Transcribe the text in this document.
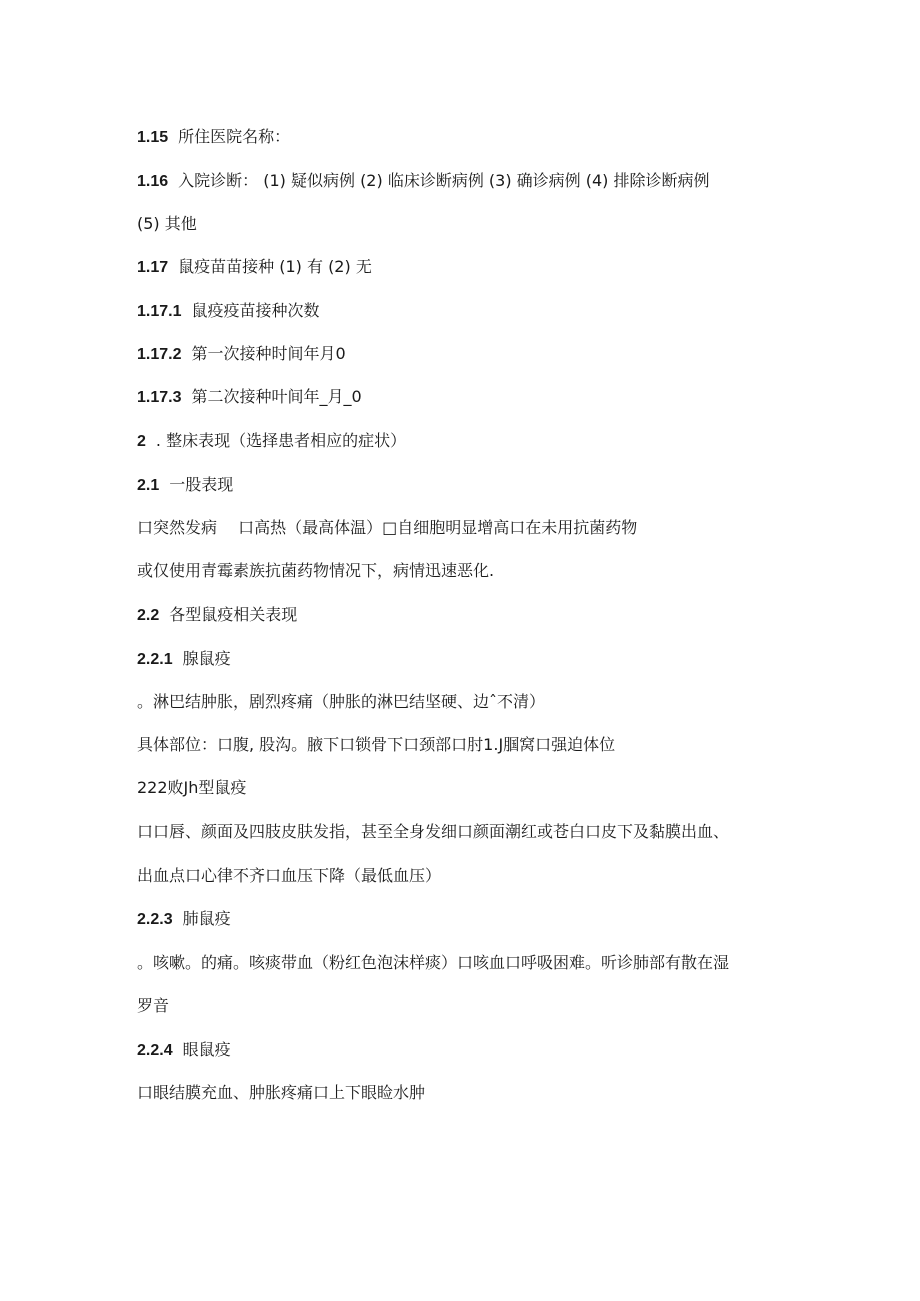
1.15 所住医院名称：
1.16 入院诊断： (1) 疑似病例 (2) 临床诊断病例 (3) 确诊病例 (4) 排除诊断病例
(5) 其他
1.17 鼠疫苗苗接种 (1) 有 (2) 无
1.17.1 鼠疫疫苗接种次数
1.17.2 第一次接种时间年月0
1.17.3 第二次接种叶间年_月_0
2 . 整床表现（选择患者相应的症状）
2.1 一股表现
口突然发病　 口高热（最高体温）□自细胞明显增高口在未用抗菌药物
或仅使用青霉素族抗菌药物情况下，病情迅速恶化.
2.2 各型鼠疫相关表现
2.2.1 腺鼠疫
。淋巴结肿胀，剧烈疼痛（肿胀的淋巴结坚硬、边ˆ不清）
具体部位：口腹, 股沟。腋下口锁骨下口颈部口肘1.J腘窝口强迫体位
222败Jh型鼠疫
口口唇、颜面及四肢皮肤发指，甚至全身发细口颜面潮红或苍白口皮下及黏膜出血、
出血点口心律不齐口血压下降（最低血压）
2.2.3 肺鼠疫
。咳嗽。的痛。咳痰带血（粉红色泡沫样痰）口咳血口呼吸困难。听诊肺部有散在湿
罗音
2.2.4 眼鼠疫
口眼结膜充血、肿胀疼痛口上下眼睑水肿
